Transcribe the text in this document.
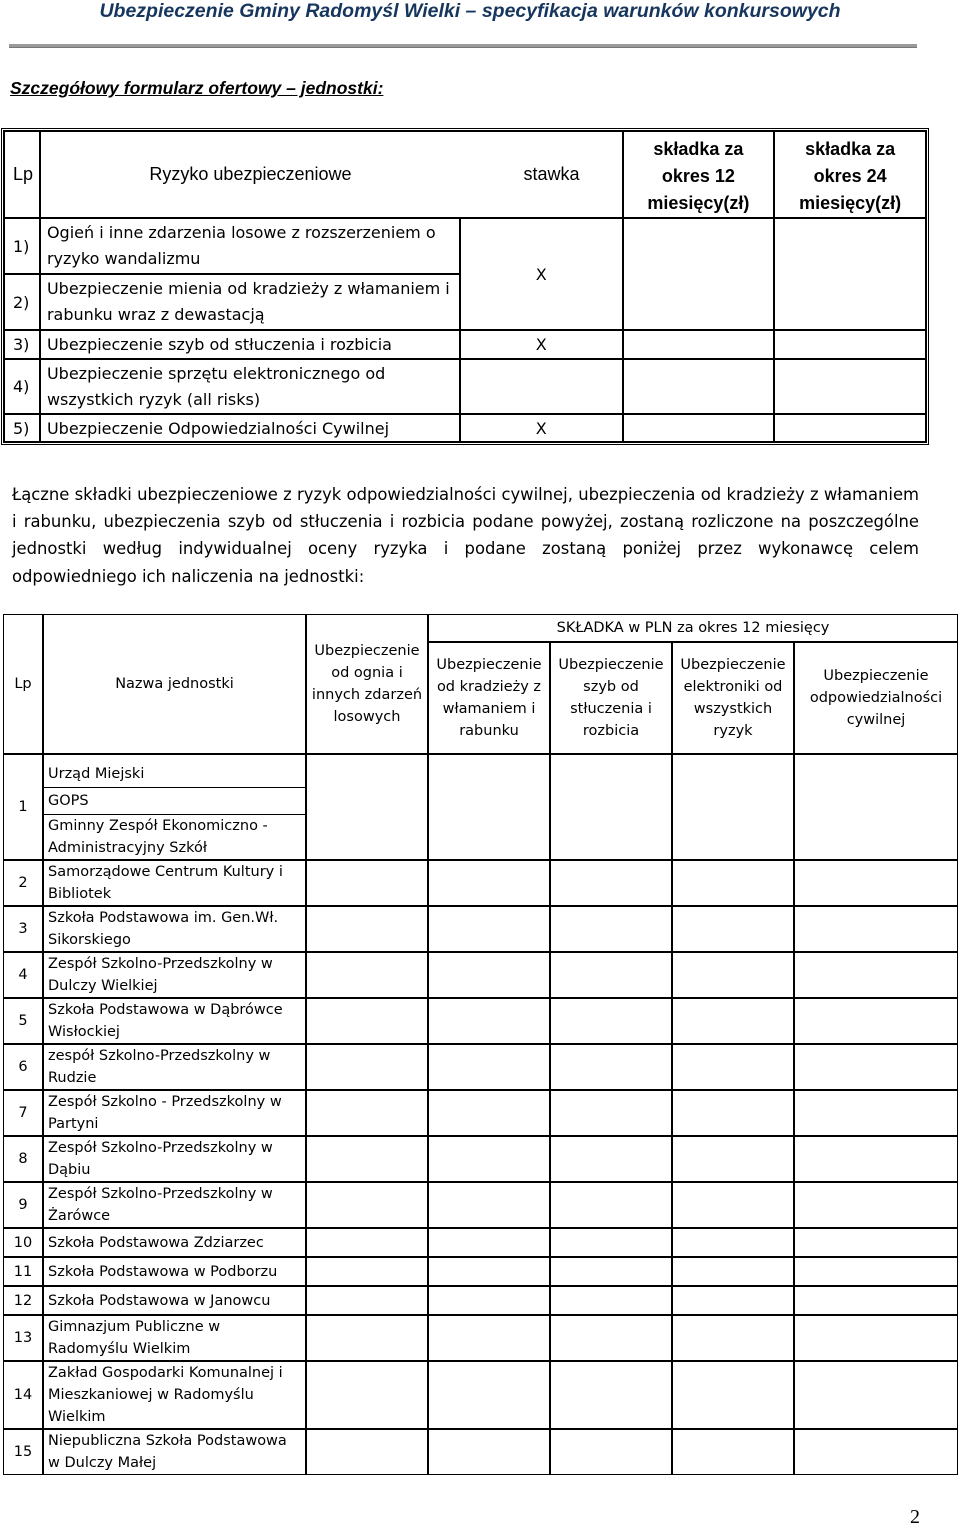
Ubezpieczenie Gminy Radomyśl Wielki – specyfikacja warunków konkursowych
Szczegółowy formularz ofertowy – jednostki:
Lp	Ryzyko ubezpieczeniowe	stawka	składka za okres 12 miesięcy(zł)	składka za okres 24 miesięcy(zł)
1)	Ogień i inne zdarzenia losowe z rozszerzeniem o ryzyko wandalizmu	X		
2)	Ubezpieczenie mienia od kradzieży z włamaniem i rabunku wraz z dewastacją			
3)	Ubezpieczenie szyb od stłuczenia i rozbicia	X		
4)	Ubezpieczenie sprzętu elektronicznego od wszystkich ryzyk (all risks)			
5)	Ubezpieczenie Odpowiedzialności Cywilnej	X		
Łączne składki ubezpieczeniowe z ryzyk odpowiedzialności cywilnej, ubezpieczenia od kradzieży z włamaniem i rabunku, ubezpieczenia szyb od stłuczenia i rozbicia podane powyżej, zostaną rozliczone na poszczególne jednostki według indywidualnej oceny ryzyka i podane zostaną poniżej przez wykonawcę celem odpowiedniego ich naliczenia na jednostki:
Lp	Nazwa jednostki	Ubezpieczenie od ognia i innych zdarzeń losowych	SKŁADKA w PLN za okres 12 miesięcy			
			Ubezpieczenie od kradzieży z włamaniem i rabunku	Ubezpieczenie szyb od stłuczenia i rozbicia	Ubezpieczenie elektroniki od wszystkich ryzyk	Ubezpieczenie odpowiedzialności cywilnej
1	Urząd Miejski
GOPS
Gminny Zespół Ekonomiczno - Administracyjny Szkół					

2	Samorządowe Centrum Kultury i Bibliotek					
3	Szkoła Podstawowa im. Gen.Wł. Sikorskiego					
4	Zespół Szkolno-Przedszkolny w Dulczy Wielkiej					
5	Szkoła Podstawowa w Dąbrówce Wisłockiej					
6	zespół Szkolno-Przedszkolny w Rudzie					
7	Zespół Szkolno - Przedszkolny w Partyni					
8	Zespół Szkolno-Przedszkolny w Dąbiu					
9	Zespół Szkolno-Przedszkolny w Żarówce					
10	Szkoła Podstawowa Zdziarzec					
11	Szkoła Podstawowa w Podborzu					
12	Szkoła Podstawowa w Janowcu					
13	Gimnazjum Publiczne w Radomyślu Wielkim					
14	Zakład Gospodarki Komunalnej i Mieszkaniowej w Radomyślu Wielkim					
15	Niepubliczna Szkoła Podstawowa w Dulczy Małej					
2
